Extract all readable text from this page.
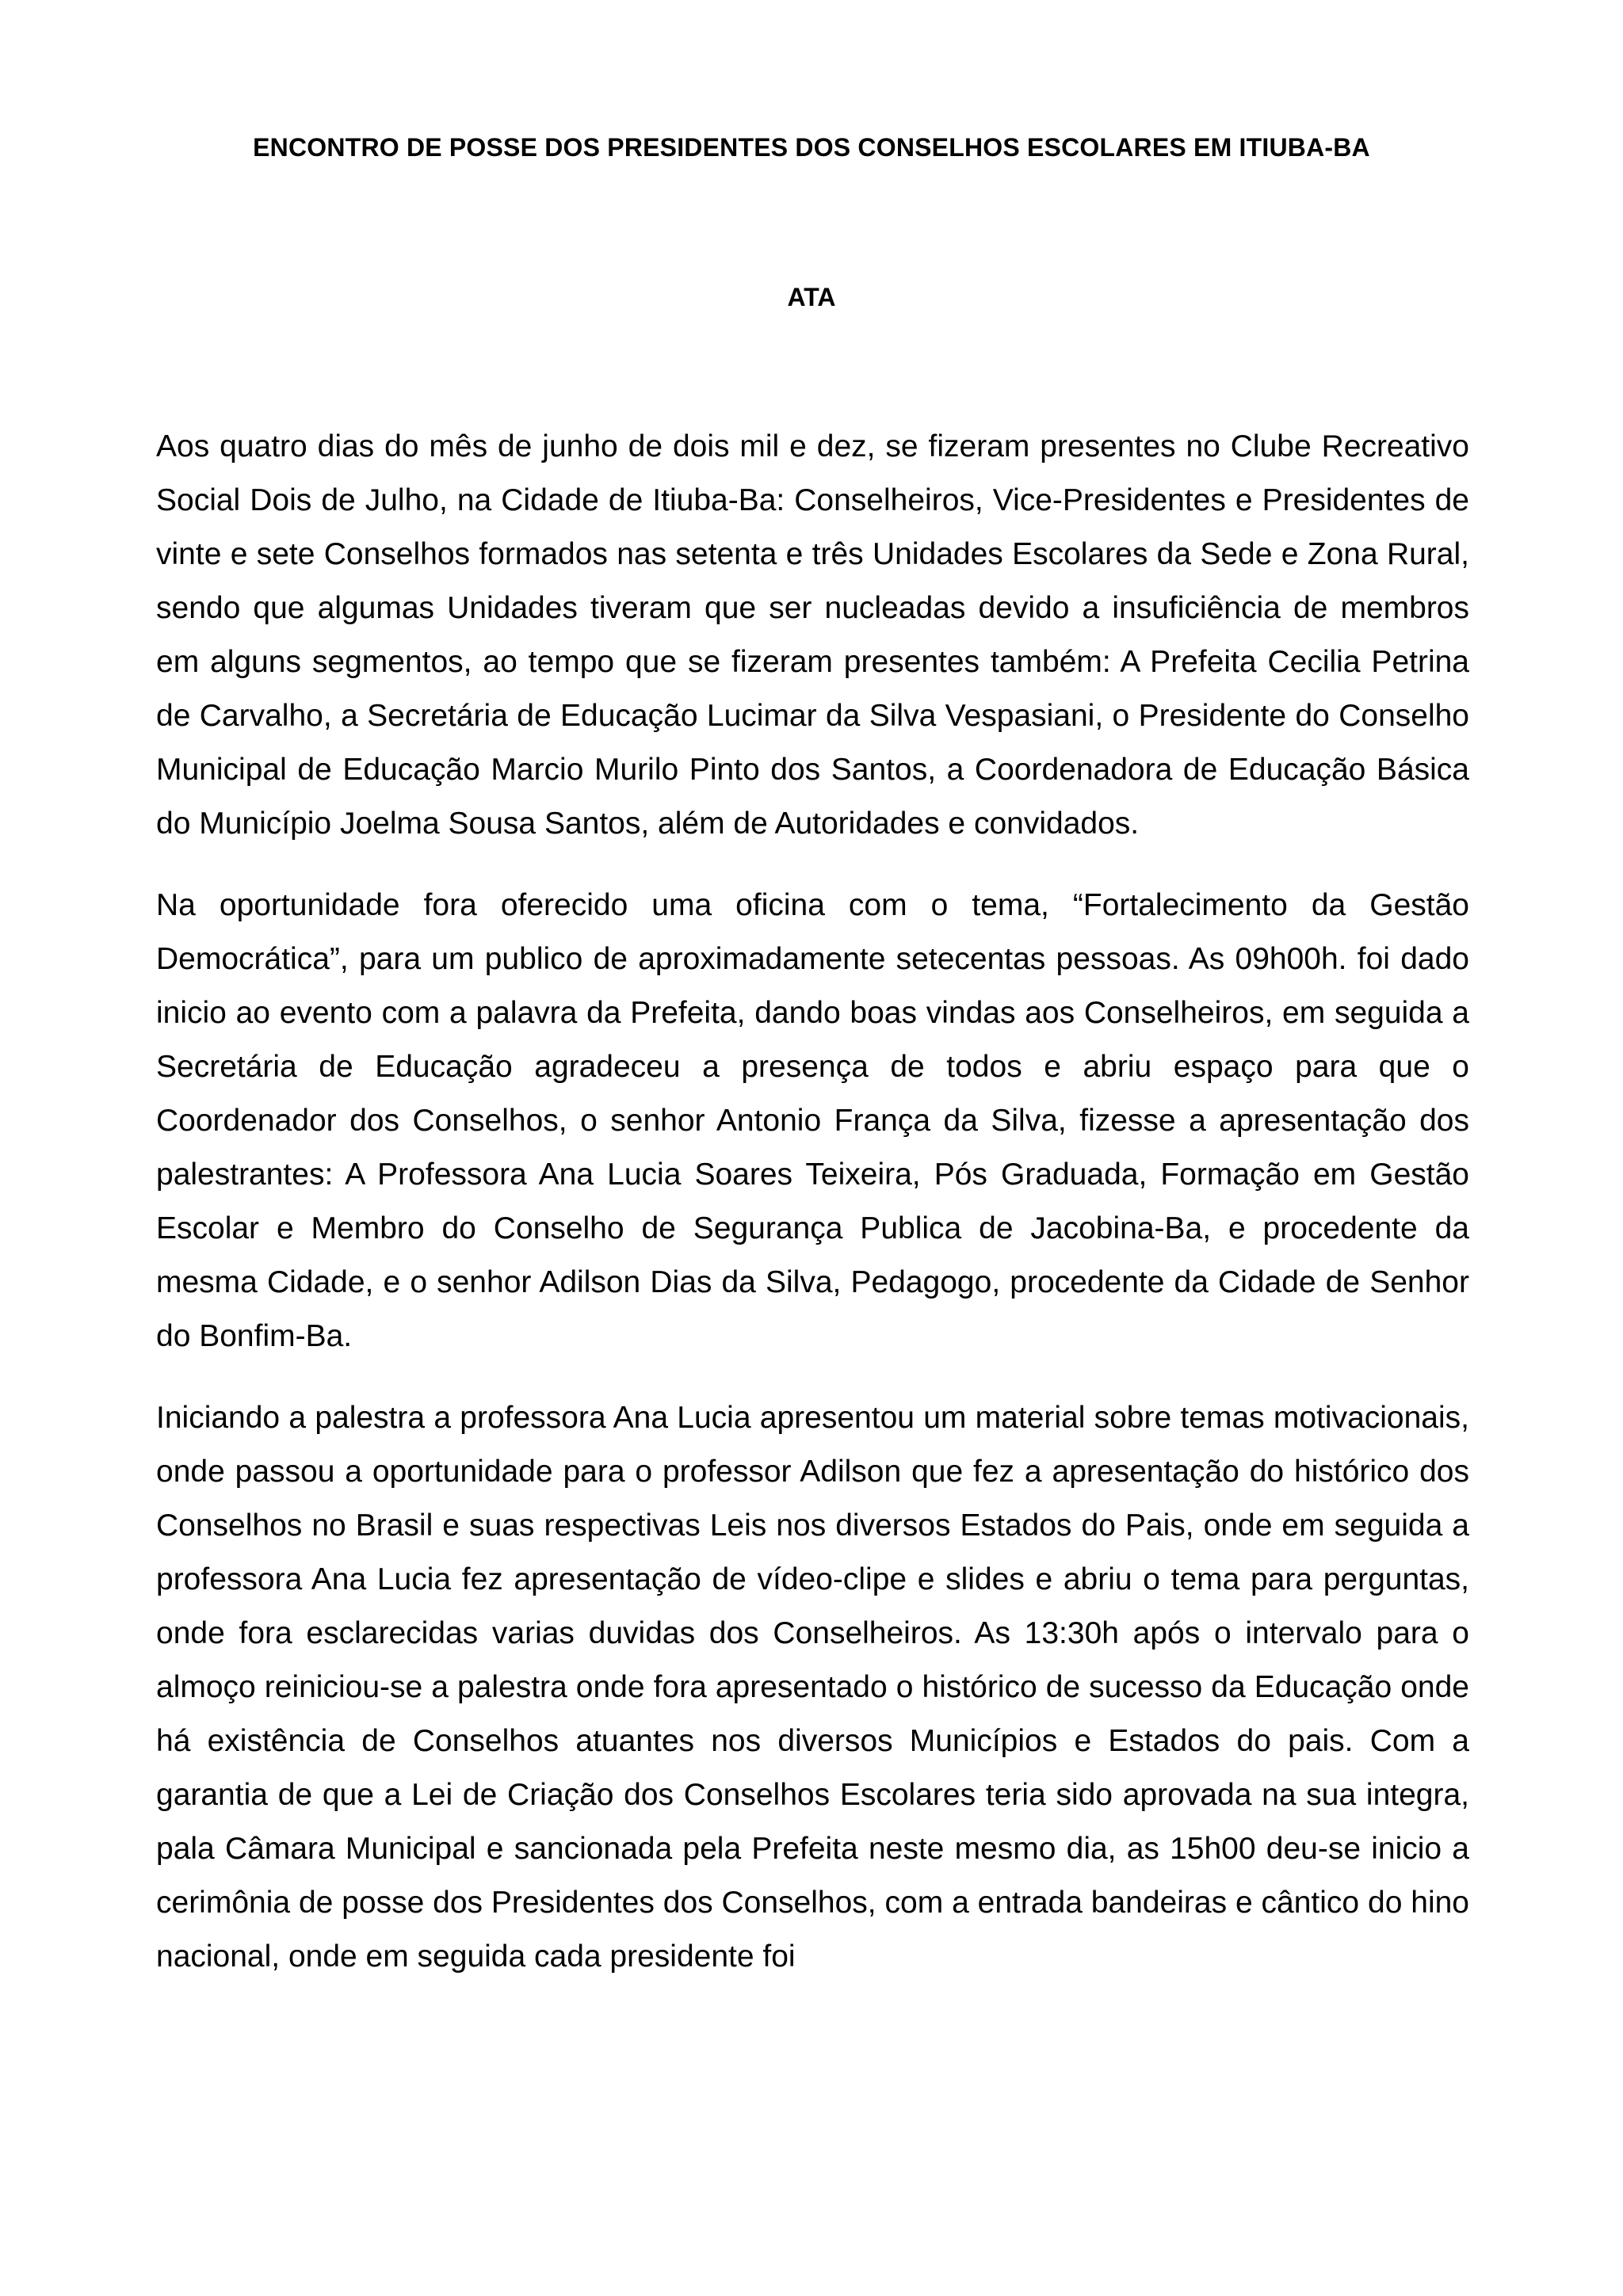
ENCONTRO DE POSSE DOS PRESIDENTES DOS CONSELHOS ESCOLARES EM ITIUBA-BA
ATA

Aos quatro dias do mês de junho de dois mil e dez, se fizeram presentes no Clube Recreativo Social Dois de Julho, na Cidade de Itiuba-Ba: Conselheiros, Vice-Presidentes e Presidentes de vinte e sete Conselhos formados nas setenta e três Unidades Escolares da Sede e Zona Rural, sendo que algumas Unidades tiveram que ser nucleadas devido a insuficiência de membros em alguns segmentos, ao tempo que se fizeram presentes também: A Prefeita Cecilia Petrina de Carvalho, a Secretária de Educação Lucimar da Silva Vespasiani, o Presidente do Conselho Municipal de Educação Marcio Murilo Pinto dos Santos, a Coordenadora de Educação Básica do Município Joelma Sousa Santos, além de Autoridades e convidados.

Na oportunidade fora oferecido uma oficina com o tema, “Fortalecimento da Gestão Democrática”, para um publico de aproximadamente setecentas pessoas. As 09h00h. foi dado inicio ao evento com a palavra da Prefeita, dando boas vindas aos Conselheiros, em seguida a Secretária de Educação agradeceu a presença de todos e abriu espaço para que o Coordenador dos Conselhos, o senhor Antonio França da Silva, fizesse a apresentação dos palestrantes: A Professora Ana Lucia Soares Teixeira, Pós Graduada, Formação em Gestão Escolar e Membro do Conselho de Segurança Publica de Jacobina-Ba, e procedente da mesma Cidade, e o senhor Adilson Dias da Silva, Pedagogo, procedente da Cidade de Senhor do Bonfim-Ba.

Iniciando a palestra a professora Ana Lucia apresentou um material sobre temas motivacionais, onde passou a oportunidade para o professor Adilson que fez a apresentação do histórico dos Conselhos no Brasil e suas respectivas Leis nos diversos Estados do Pais, onde em seguida a professora Ana Lucia fez apresentação de vídeo-clipe e slides e abriu o tema para perguntas, onde fora esclarecidas varias duvidas dos Conselheiros. As 13:30h após o intervalo para o almoço reiniciou-se a palestra onde fora apresentado o histórico de sucesso da Educação onde há existência de Conselhos atuantes nos diversos Municípios e Estados do pais. Com a garantia de que a Lei de Criação dos Conselhos Escolares teria sido aprovada na sua integra, pala Câmara Municipal e sancionada pela Prefeita neste mesmo dia, as 15h00 deu-se inicio a cerimônia de posse dos Presidentes dos Conselhos, com a entrada bandeiras e cântico do hino nacional, onde em seguida cada presidente foi
